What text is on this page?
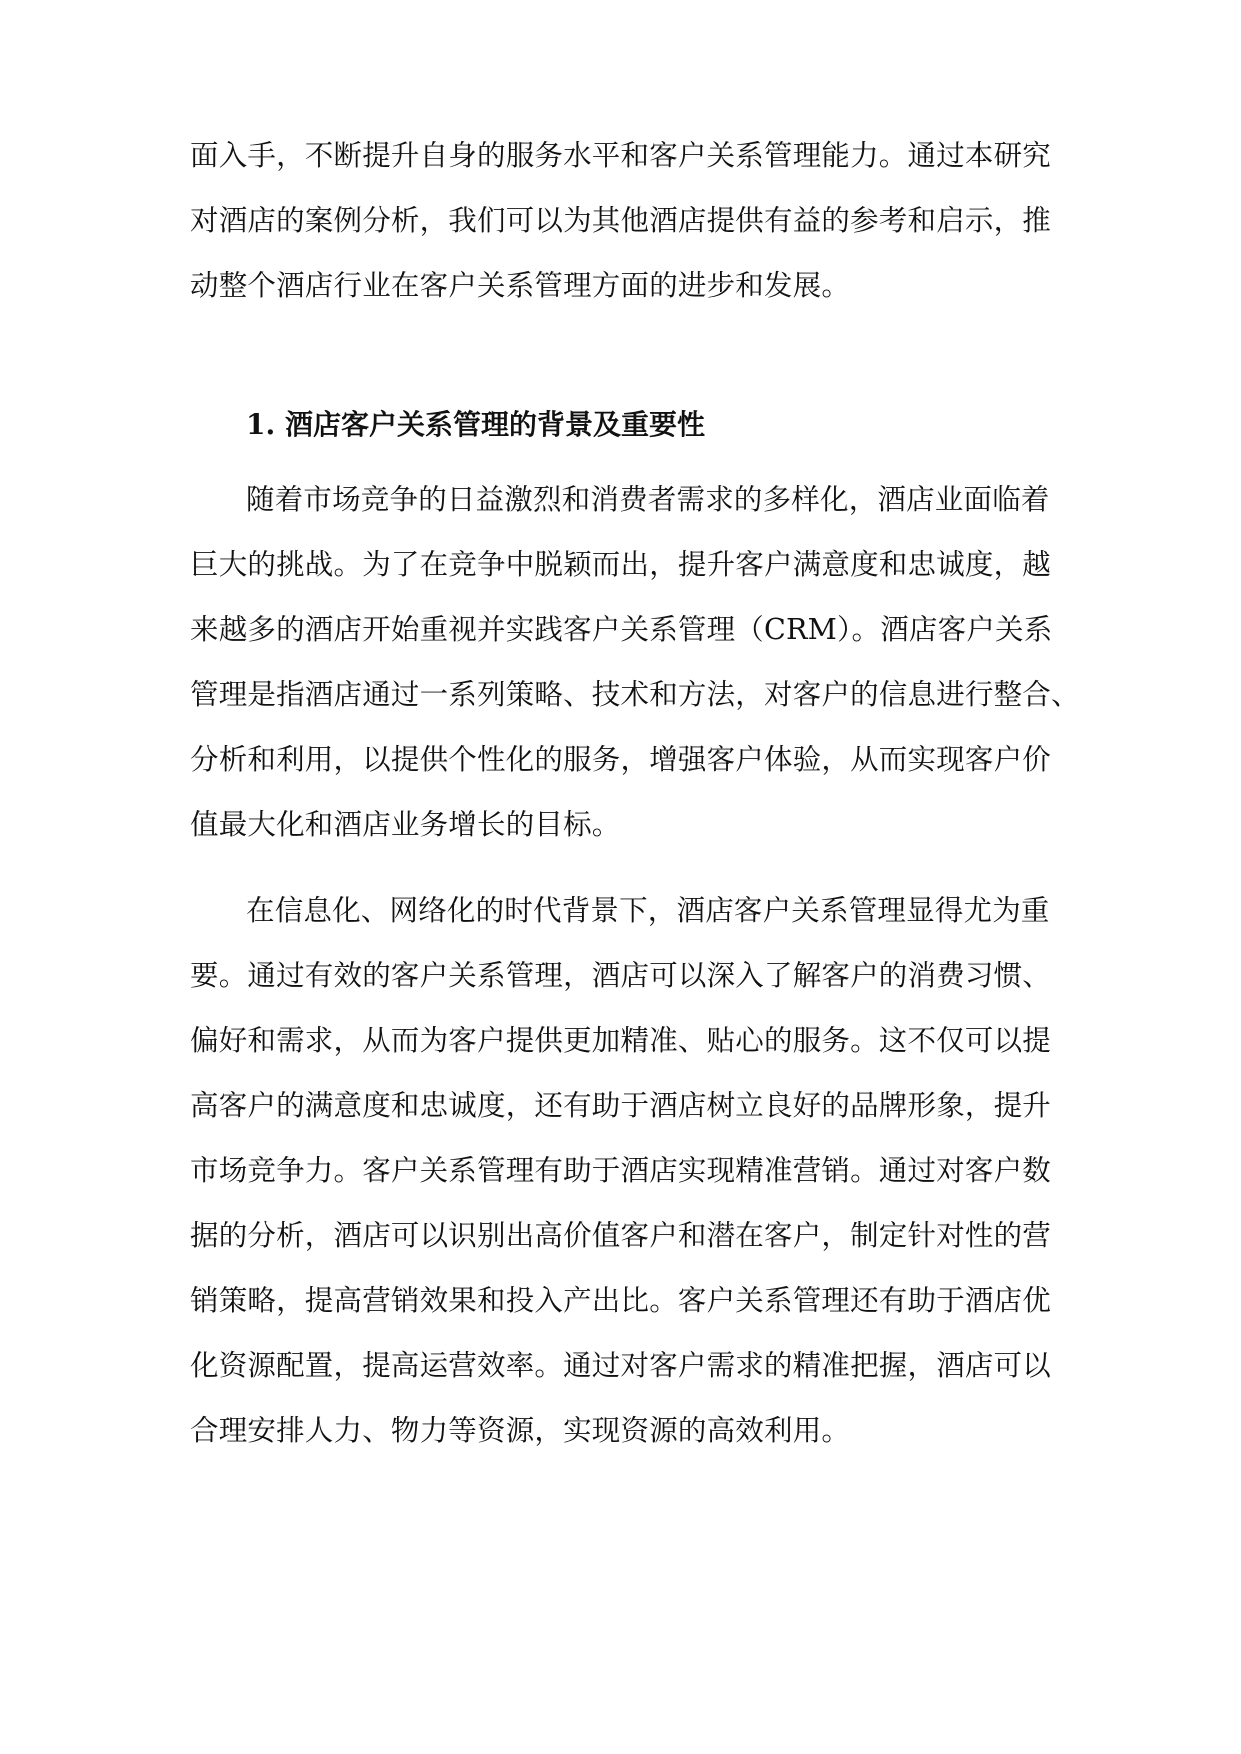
面入手，不断提升自身的服务水平和客户关系管理能力。通过本研究
对酒店的案例分析，我们可以为其他酒店提供有益的参考和启示，推
动整个酒店行业在客户关系管理方面的进步和发展。
1. 酒店客户关系管理的背景及重要性
随着市场竞争的日益激烈和消费者需求的多样化，酒店业面临着
巨大的挑战。为了在竞争中脱颖而出，提升客户满意度和忠诚度，越
来越多的酒店开始重视并实践客户关系管理（CRM）。酒店客户关系
管理是指酒店通过一系列策略、技术和方法，对客户的信息进行整合、
分析和利用，以提供个性化的服务，增强客户体验，从而实现客户价
值最大化和酒店业务增长的目标。
在信息化、网络化的时代背景下，酒店客户关系管理显得尤为重
要。通过有效的客户关系管理，酒店可以深入了解客户的消费习惯、
偏好和需求，从而为客户提供更加精准、贴心的服务。这不仅可以提
高客户的满意度和忠诚度，还有助于酒店树立良好的品牌形象，提升
市场竞争力。客户关系管理有助于酒店实现精准营销。通过对客户数
据的分析，酒店可以识别出高价值客户和潜在客户，制定针对性的营
销策略，提高营销效果和投入产出比。客户关系管理还有助于酒店优
化资源配置，提高运营效率。通过对客户需求的精准把握，酒店可以
合理安排人力、物力等资源，实现资源的高效利用。
